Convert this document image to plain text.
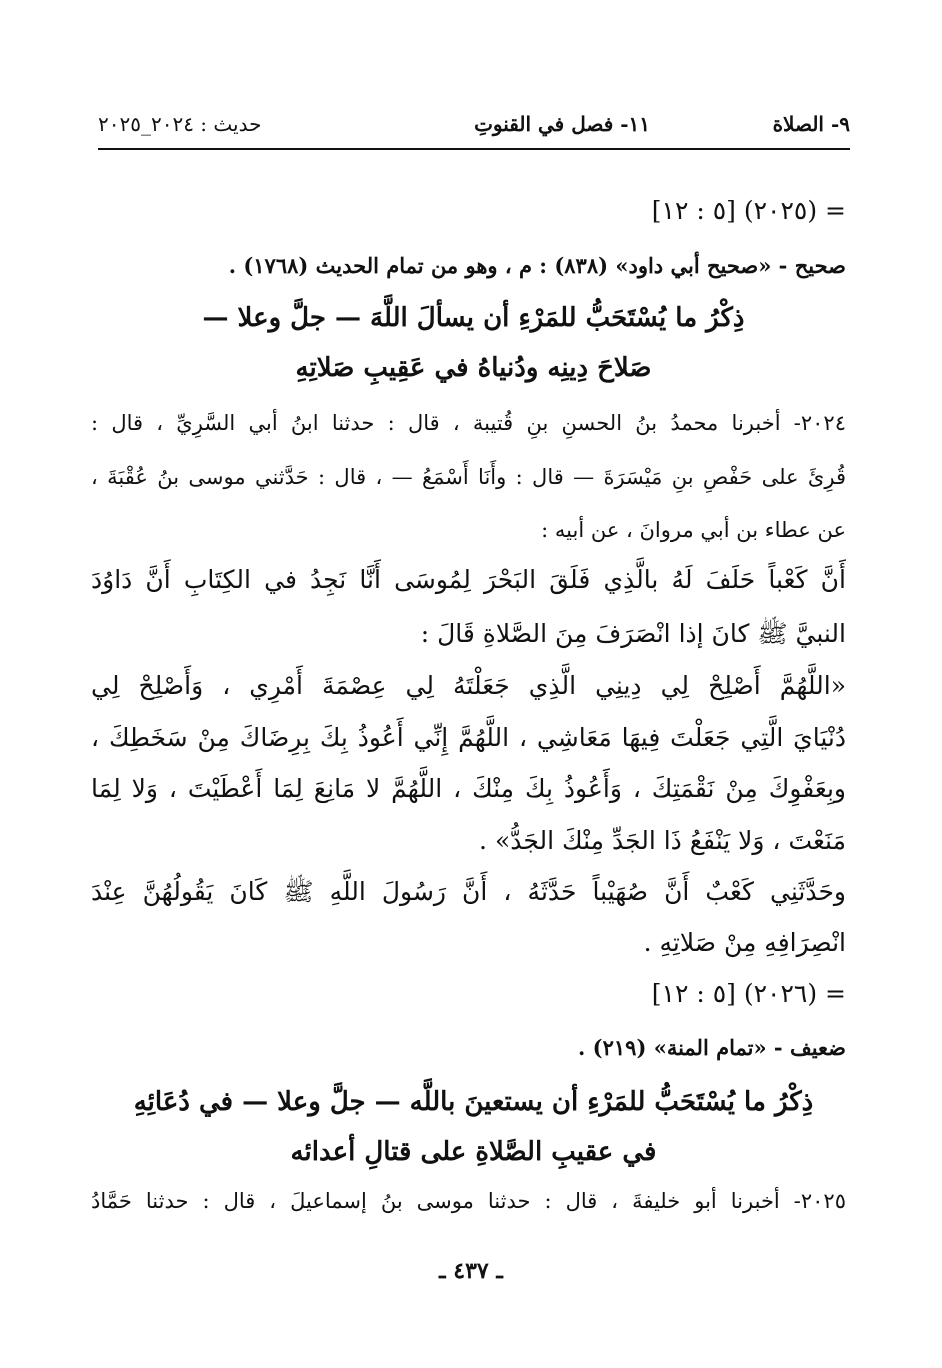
٩- الصلاة
١١- فصل في القنوتِ
حديث : ٢٠٢٤_٢٠٢٥
= (٢٠٢٥) [٥ : ١٢]
صحيح - «صحيح أبي داود» (٨٣٨) : م ، وهو من تمام الحديث (١٧٦٨) .
ذِكْرُ ما يُسْتَحَبُّ للمَرْءِ أن يسألَ اللَّهَ — جلَّ وعلا —
صَلاحَ دِينِه ودُنياهُ في عَقِيبِ صَلاتِهِ
٢٠٢٤- أخبرنا محمدُ بنُ الحسنِ بنِ قُتيبة ، قال : حدثنا ابنُ أبي السَّرِيِّ ، قال :
قُرِئَ على حَفْصِ بنِ مَيْسَرَةَ — قال : وأَنَا أَسْمَعُ — ، قال : حَدَّثني موسى بنُ عُقْبَةَ ،
عن عطاء بن أبي مروانَ ، عن أبيه :
أَنَّ كَعْباً حَلَفَ لَهُ بالَّذِي فَلَقَ البَحْرَ لِمُوسَى أَنَّا نَجِدُ في الكِتَابِ أَنَّ دَاوُدَ
النبيَّ ﷺ كانَ إذا انْصَرَفَ مِنَ الصَّلاةِ قَالَ :
«اللَّهُمَّ أَصْلِحْ لِي دِينِي الَّذِي جَعَلْتَهُ لِي عِصْمَةَ أَمْرِي ، وَأَصْلِحْ لِي
دُنْيَايَ الَّتِي جَعَلْتَ فِيهَا مَعَاشِي ، اللَّهُمَّ إِنِّي أَعُوذُ بِكَ بِرِضَاكَ مِنْ سَخَطِكَ ،
وبِعَفْوِكَ مِنْ نَقْمَتِكَ ، وَأَعُوذُ بِكَ مِنْكَ ، اللَّهُمَّ لا مَانِعَ لِمَا أَعْطَيْتَ ، وَلا لِمَا
مَنَعْتَ ، وَلا يَنْفَعُ ذَا الجَدِّ مِنْكَ الجَدُّ» .
وحَدَّثَنِي كَعْبٌ أَنَّ صُهَيْباً حَدَّثَهُ ، أَنَّ رَسُولَ اللَّهِ ﷺ كَانَ يَقُولُهُنَّ عِنْدَ
انْصِرَافِهِ مِنْ صَلاتِهِ .
= (٢٠٢٦) [٥ : ١٢]
ضعيف - «تمام المنة» (٢١٩) .
ذِكْرُ ما يُسْتَحَبُّ للمَرْءِ أن يستعينَ باللَّه — جلَّ وعلا — في دُعَائِهِ
في عقيبِ الصَّلاةِ على قتالِ أعدائه
٢٠٢٥- أخبرنا أبو خليفةَ ، قال : حدثنا موسى بنُ إسماعيلَ ، قال : حدثنا حَمَّادُ
ـ ٤٣٧ ـ
